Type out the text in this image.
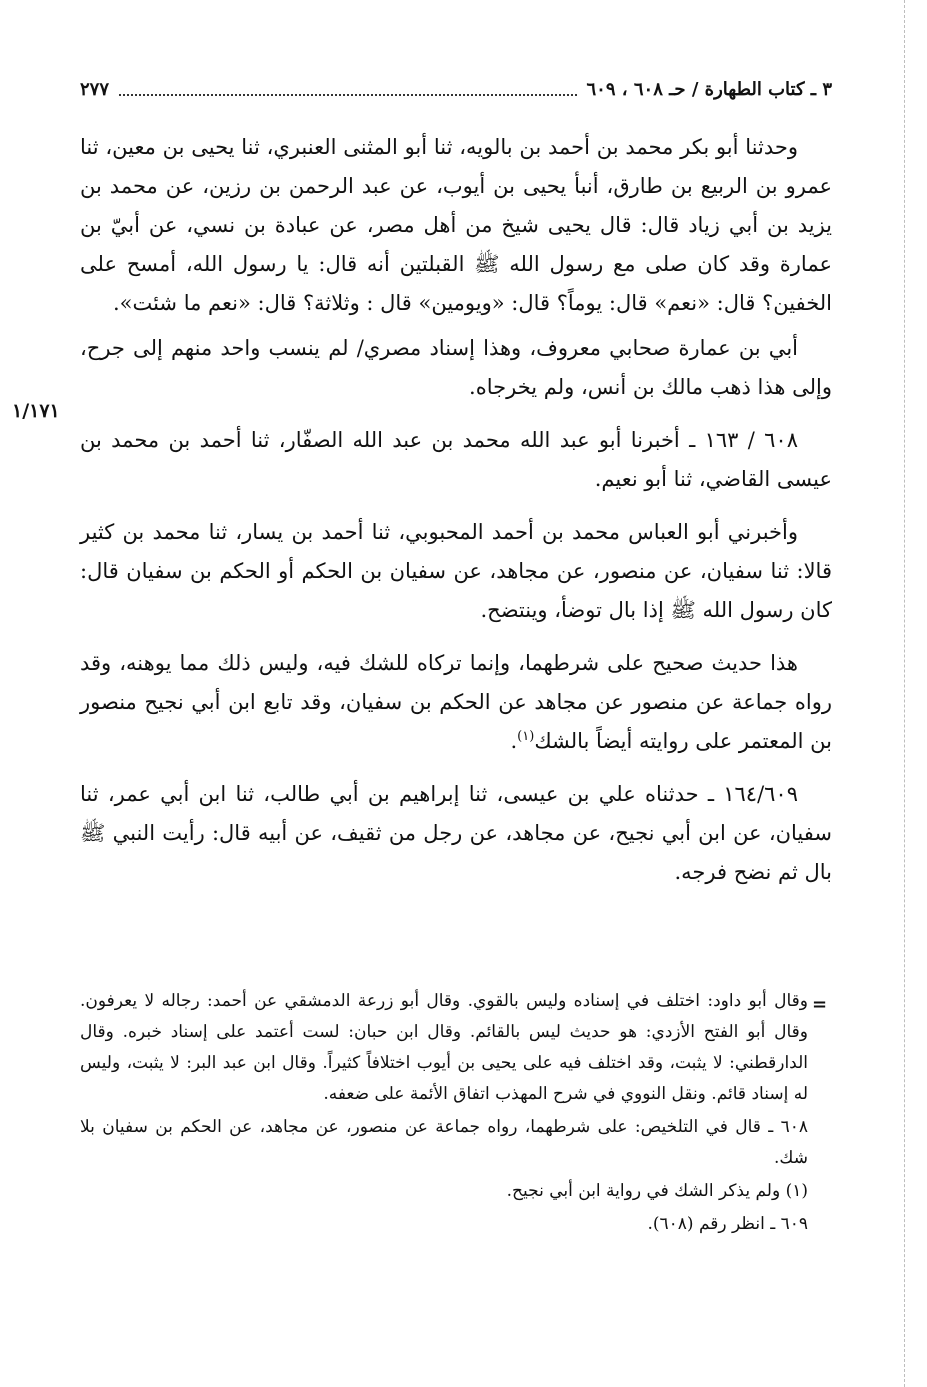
٣ ـ كتاب الطهارة / حـ ٦٠٨ ، ٦٠٩
٢٧٧
١/١٧١

وحدثنا أبو بكر محمد بن أحمد بن بالويه، ثنا أبو المثنى العنبري، ثنا يحيى بن معين، ثنا عمرو بن الربيع بن طارق، أنبأ يحيى بن أيوب، عن عبد الرحمن بن رزين، عن محمد بن يزيد بن أبي زياد قال: قال يحيى شيخ من أهل مصر، عن عبادة بن نسي، عن أبيّ بن عمارة وقد كان صلى مع رسول الله ﷺ القبلتين أنه قال: يا رسول الله، أمسح على الخفين؟ قال: «نعم» قال: يوماً؟ قال: «ويومين» قال : وثلاثة؟ قال: «نعم ما شئت».

أبي بن عمارة صحابي معروف، وهذا إسناد مصري/ لم ينسب واحد منهم إلى جرح، وإلى هذا ذهب مالك بن أنس، ولم يخرجاه.

٦٠٨ / ١٦٣ ـ أخبرنا أبو عبد الله محمد بن عبد الله الصفّار، ثنا أحمد بن محمد بن عيسى القاضي، ثنا أبو نعيم.

وأخبرني أبو العباس محمد بن أحمد المحبوبي، ثنا أحمد بن يسار، ثنا محمد بن كثير قالا: ثنا سفيان، عن منصور، عن مجاهد، عن سفيان بن الحكم أو الحكم بن سفيان قال: كان رسول الله ﷺ إذا بال توضأ، وينتضح.

هذا حديث صحيح على شرطهما، وإنما تركاه للشك فيه، وليس ذلك مما يوهنه، وقد رواه جماعة عن منصور عن مجاهد عن الحكم بن سفيان، وقد تابع ابن أبي نجيح منصور بن المعتمر على روايته أيضاً بالشك$^{(١)}$.

١٦٤/٦٠٩ ـ حدثناه علي بن عيسى، ثنا إبراهيم بن أبي طالب، ثنا ابن أبي عمر، ثنا سفيان، عن ابن أبي نجيح، عن مجاهد، عن رجل من ثقيف، عن أبيه قال: رأيت النبي ﷺ بال ثم نضح فرجه.

=

وقال أبو داود: اختلف في إسناده وليس بالقوي. وقال أبو زرعة الدمشقي عن أحمد: رجاله لا يعرفون. وقال أبو الفتح الأزدي: هو حديث ليس بالقائم. وقال ابن حبان: لست أعتمد على إسناد خبره. وقال الدارقطني: لا يثبت، وقد اختلف فيه على يحيى بن أيوب اختلافاً كثيراً. وقال ابن عبد البر: لا يثبت، وليس له إسناد قائم. ونقل النووي في شرح المهذب اتفاق الأئمة على ضعفه.

٦٠٨ ـ قال في التلخيص: على شرطهما، رواه جماعة عن منصور، عن مجاهد، عن الحكم بن سفيان بلا شك.

(١) ولم يذكر الشك في رواية ابن أبي نجيح.

٦٠٩ ـ انظر رقم (٦٠٨).
